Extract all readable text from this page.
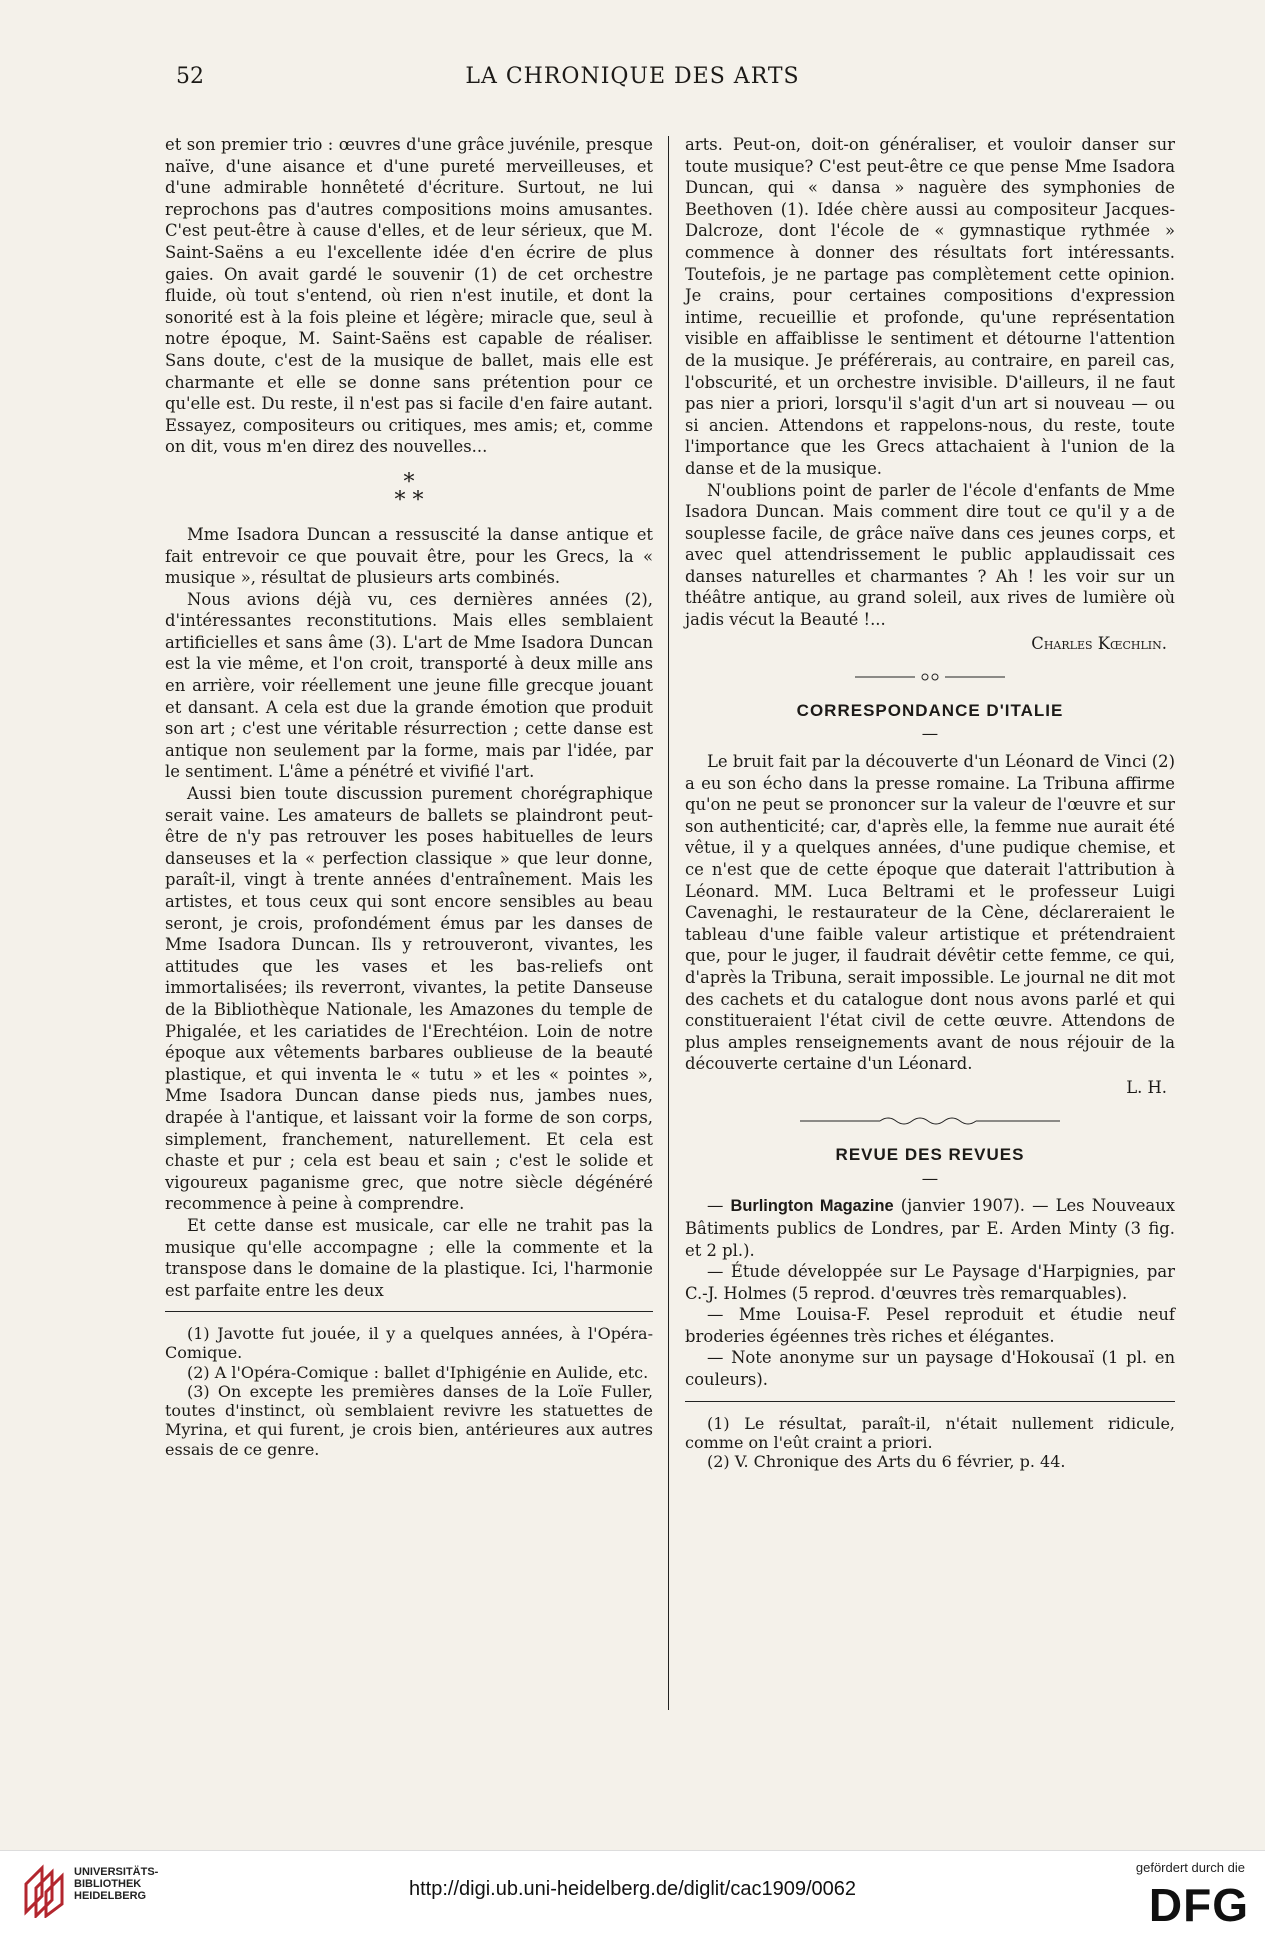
52	LA CHRONIQUE DES ARTS

et son premier trio : œuvres d'une grâce juvénile, presque naïve, d'une aisance et d'une pureté merveilleuses, et d'une admirable honnêteté d'écriture. Surtout, ne lui reprochons pas d'autres compositions moins amusantes. C'est peut-être à cause d'elles, et de leur sérieux, que M. Saint-Saëns a eu l'excellente idée d'en écrire de plus gaies. On avait gardé le souvenir (1) de cet orchestre fluide, où tout s'entend, où rien n'est inutile, et dont la sonorité est à la fois pleine et légère; miracle que, seul à notre époque, M. Saint-Saëns est capable de réaliser. Sans doute, c'est de la musique de ballet, mais elle est charmante et elle se donne sans prétention pour ce qu'elle est. Du reste, il n'est pas si facile d'en faire autant. Essayez, compositeurs ou critiques, mes amis; et, comme on dit, vous m'en direz des nouvelles...

*
* *

Mme Isadora Duncan a ressuscité la danse antique et fait entrevoir ce que pouvait être, pour les Grecs, la « musique », résultat de plusieurs arts combinés.

Nous avions déjà vu, ces dernières années (2), d'intéressantes reconstitutions. Mais elles semblaient artificielles et sans âme (3). L'art de Mme Isadora Duncan est la vie même, et l'on croit, transporté à deux mille ans en arrière, voir réellement une jeune fille grecque jouant et dansant. A cela est due la grande émotion que produit son art ; c'est une véritable résurrection ; cette danse est antique non seulement par la forme, mais par l'idée, par le sentiment. L'âme a pénétré et vivifié l'art.

Aussi bien toute discussion purement chorégraphique serait vaine. Les amateurs de ballets se plaindront peut-être de n'y pas retrouver les poses habituelles de leurs danseuses et la « perfection classique » que leur donne, paraît-il, vingt à trente années d'entraînement. Mais les artistes, et tous ceux qui sont encore sensibles au beau seront, je crois, profondément émus par les danses de Mme Isadora Duncan. Ils y retrouveront, vivantes, les attitudes que les vases et les bas-reliefs ont immortalisées; ils reverront, vivantes, la petite Danseuse de la Bibliothèque Nationale, les Amazones du temple de Phigalée, et les cariatides de l'Erechtéion. Loin de notre époque aux vêtements barbares oublieuse de la beauté plastique, et qui inventa le « tutu » et les « pointes », Mme Isadora Duncan danse pieds nus, jambes nues, drapée à l'antique, et laissant voir la forme de son corps, simplement, franchement, naturellement. Et cela est chaste et pur ; cela est beau et sain ; c'est le solide et vigoureux paganisme grec, que notre siècle dégénéré recommence à peine à comprendre.

Et cette danse est musicale, car elle ne trahit pas la musique qu'elle accompagne ; elle la commente et la transpose dans le domaine de la plastique. Ici, l'harmonie est parfaite entre les deux

(1) Javotte fut jouée, il y a quelques années, à l'Opéra-Comique.

(2) A l'Opéra-Comique : ballet d'Iphigénie en Aulide, etc.

(3) On excepte les premières danses de la Loïe Fuller, toutes d'instinct, où semblaient revivre les statuettes de Myrina, et qui furent, je crois bien, antérieures aux autres essais de ce genre.

arts. Peut-on, doit-on généraliser, et vouloir danser sur toute musique? C'est peut-être ce que pense Mme Isadora Duncan, qui « dansa » naguère des symphonies de Beethoven (1). Idée chère aussi au compositeur Jacques-Dalcroze, dont l'école de « gymnastique rythmée » commence à donner des résultats fort intéressants. Toutefois, je ne partage pas complètement cette opinion. Je crains, pour certaines compositions d'expression intime, recueillie et profonde, qu'une représentation visible en affaiblisse le sentiment et détourne l'attention de la musique. Je préférerais, au contraire, en pareil cas, l'obscurité, et un orchestre invisible. D'ailleurs, il ne faut pas nier a priori, lorsqu'il s'agit d'un art si nouveau — ou si ancien. Attendons et rappelons-nous, du reste, toute l'importance que les Grecs attachaient à l'union de la danse et de la musique.

N'oublions point de parler de l'école d'enfants de Mme Isadora Duncan. Mais comment dire tout ce qu'il y a de souplesse facile, de grâce naïve dans ces jeunes corps, et avec quel attendrissement le public applaudissait ces danses naturelles et charmantes ? Ah ! les voir sur un théâtre antique, au grand soleil, aux rives de lumière où jadis vécut la Beauté !...

Charles Kœchlin.
CORRESPONDANCE D'ITALIE
—

Le bruit fait par la découverte d'un Léonard de Vinci (2) a eu son écho dans la presse romaine. La Tribuna affirme qu'on ne peut se prononcer sur la valeur de l'œuvre et sur son authenticité; car, d'après elle, la femme nue aurait été vêtue, il y a quelques années, d'une pudique chemise, et ce n'est que de cette époque que daterait l'attribution à Léonard. MM. Luca Beltrami et le professeur Luigi Cavenaghi, le restaurateur de la Cène, déclareraient le tableau d'une faible valeur artistique et prétendraient que, pour le juger, il faudrait dévêtir cette femme, ce qui, d'après la Tribuna, serait impossible. Le journal ne dit mot des cachets et du catalogue dont nous avons parlé et qui constitueraient l'état civil de cette œuvre. Attendons de plus amples renseignements avant de nous réjouir de la découverte certaine d'un Léonard.

L. H.
REVUE DES REVUES
—

— Burlington Magazine (janvier 1907). — Les Nouveaux Bâtiments publics de Londres, par E. Arden Minty (3 fig. et 2 pl.).

— Étude développée sur Le Paysage d'Harpignies, par C.-J. Holmes (5 reprod. d'œuvres très remarquables).

— Mme Louisa-F. Pesel reproduit et étudie neuf broderies égéennes très riches et élégantes.

— Note anonyme sur un paysage d'Hokousaï (1 pl. en couleurs).

(1) Le résultat, paraît-il, n'était nullement ridicule, comme on l'eût craint a priori.

(2) V. Chronique des Arts du 6 février, p. 44.

UNIVERSITÄTS-
BIBLIOTHEK
HEIDELBERG	http://digi.ub.uni-heidelberg.de/diglit/cac1909/0062
gefördert durch die
DFG
